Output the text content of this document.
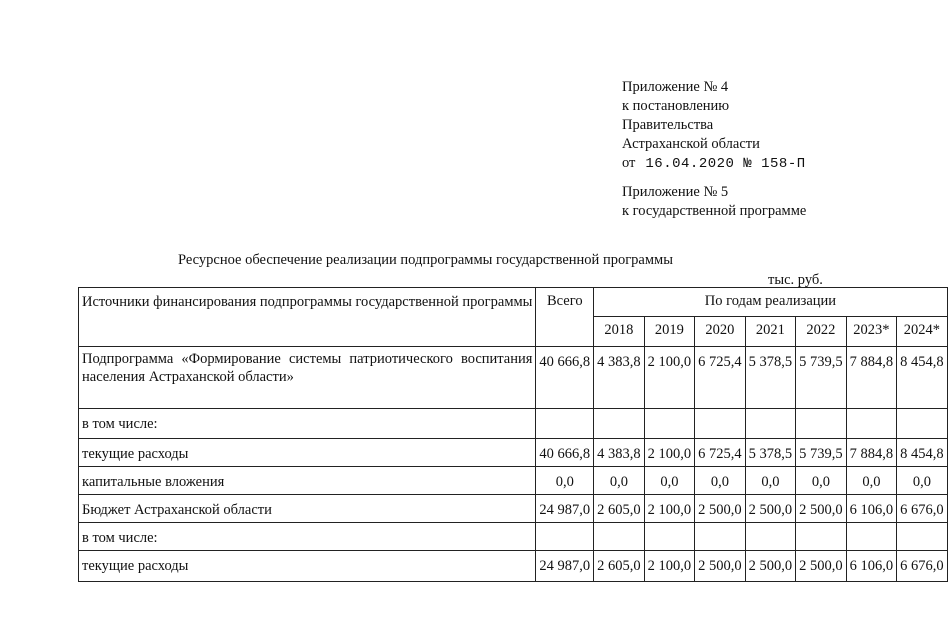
Приложение № 4
к постановлению
Правительства
Астраханской области
от 16.04.2020 № 158-П
Приложение № 5
к государственной программе
Ресурсное обеспечение реализации подпрограммы государственной программы
тыс. руб.
Источники финансирования подпрограммы государственной программы	Всего	По годам реализации						
		2018	2019	2020	2021	2022	2023*	2024*
Подпрограмма «Формирование системы патриотического воспитания населения Астраханской области»	40 666,8	4 383,8	2 100,0	6 725,4	5 378,5	5 739,5	7 884,8	8 454,8
в том числе:								
текущие расходы	40 666,8	4 383,8	2 100,0	6 725,4	5 378,5	5 739,5	7 884,8	8 454,8
капитальные вложения	0,0	0,0	0,0	0,0	0,0	0,0	0,0	0,0
Бюджет Астраханской области	24 987,0	2 605,0	2 100,0	2 500,0	2 500,0	2 500,0	6 106,0	6 676,0
в том числе:								
текущие расходы	24 987,0	2 605,0	2 100,0	2 500,0	2 500,0	2 500,0	6 106,0	6 676,0
